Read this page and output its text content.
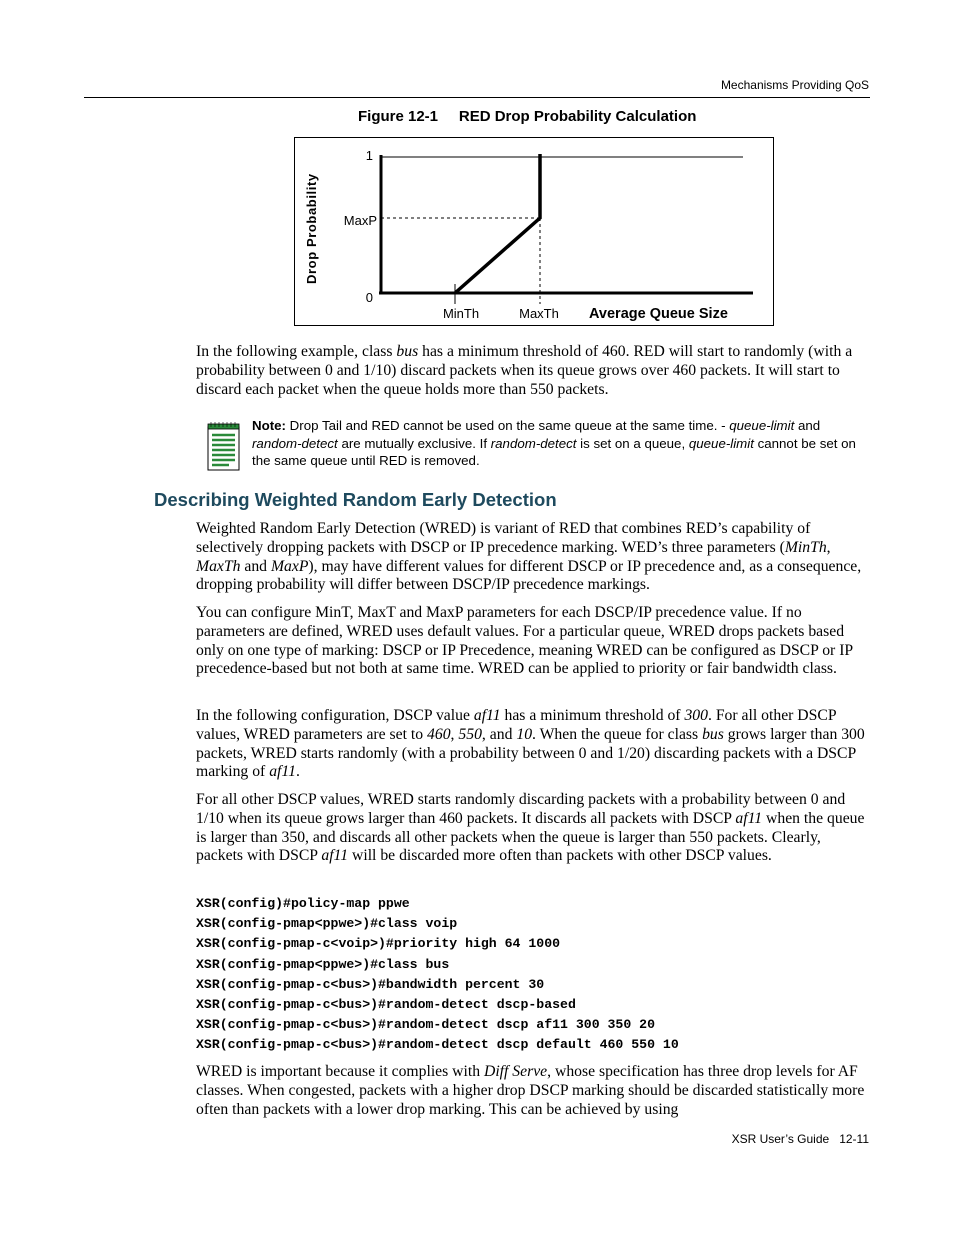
Mechanisms Providing QoS
Figure 12-1 RED Drop Probability Calculation
Drop Probability
1
MaxP
0
MinTh	MaxTh Average Queue Size
In the following example, class bus has a minimum threshold of 460. RED will start to randomly (with a probability between 0 and 1/10) discard packets when its queue grows over 460 packets. It will start to discard each packet when the queue holds more than 550 packets.
Note: Drop Tail and RED cannot be used on the same queue at the same time. - queue-limit and random-detect are mutually exclusive. If random-detect is set on a queue, queue-limit cannot be set on the same queue until RED is removed.
Describing Weighted Random Early Detection
Weighted Random Early Detection (WRED) is variant of RED that combines RED’s capability of selectively dropping packets with DSCP or IP precedence marking. WED’s three parameters (MinTh, MaxTh and MaxP), may have different values for different DSCP or IP precedence and, as a consequence, dropping probability will differ between DSCP/IP precedence markings.
You can configure MinT, MaxT and MaxP parameters for each DSCP/IP precedence value. If no parameters are defined, WRED uses default values. For a particular queue, WRED drops packets based only on one type of marking: DSCP or IP Precedence, meaning WRED can be configured as DSCP or IP precedence-based but not both at same time. WRED can be applied to priority or fair bandwidth class.
In the following configuration, DSCP value af11 has a minimum threshold of 300. For all other DSCP values, WRED parameters are set to 460, 550, and 10. When the queue for class bus grows larger than 300 packets, WRED starts randomly (with a probability between 0 and 1/20) discarding packets with a DSCP marking of af11.
For all other DSCP values, WRED starts randomly discarding packets with a probability between 0 and 1/10 when its queue grows larger than 460 packets. It discards all packets with DSCP af11 when the queue is larger than 350, and discards all other packets when the queue is larger than 550 packets. Clearly, packets with DSCP af11 will be discarded more often than packets with other DSCP values.
XSR(config)#policy-map ppwe
XSR(config-pmap<ppwe>)#class voip
XSR(config-pmap-c<voip>)#priority high 64 1000
XSR(config-pmap<ppwe>)#class bus
XSR(config-pmap-c<bus>)#bandwidth percent 30
XSR(config-pmap-c<bus>)#random-detect dscp-based
XSR(config-pmap-c<bus>)#random-detect dscp af11 300 350 20
XSR(config-pmap-c<bus>)#random-detect dscp default 460 550 10
WRED is important because it complies with Diff Serve, whose specification has three drop levels for AF classes. When congested, packets with a higher drop DSCP marking should be discarded statistically more often than packets with a lower drop marking. This can be achieved by using
XSR User’s Guide 12-11
